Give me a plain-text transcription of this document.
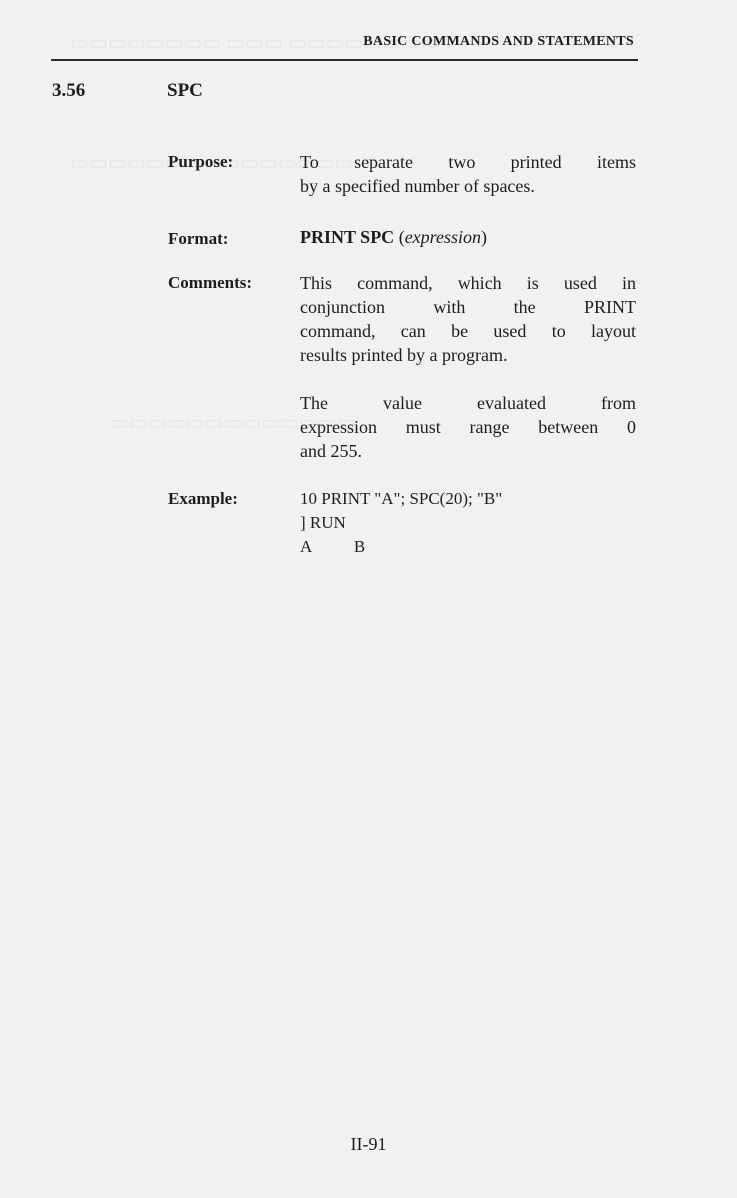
BASIC COMMANDS AND STATEMENTS
3.56	SPC
Purpose:	To separate two printed items
by a specified number of spaces.
Format:	PRINT SPC (expression)
Comments:	This command, which is used in
conjunction with the PRINT
command, can be used to layout
results printed by a program.
The value evaluated from
expression must range between 0
and 255.
Example:	10 PRINT "A"; SPC(20); "B"
] RUN
A          B
II-91
